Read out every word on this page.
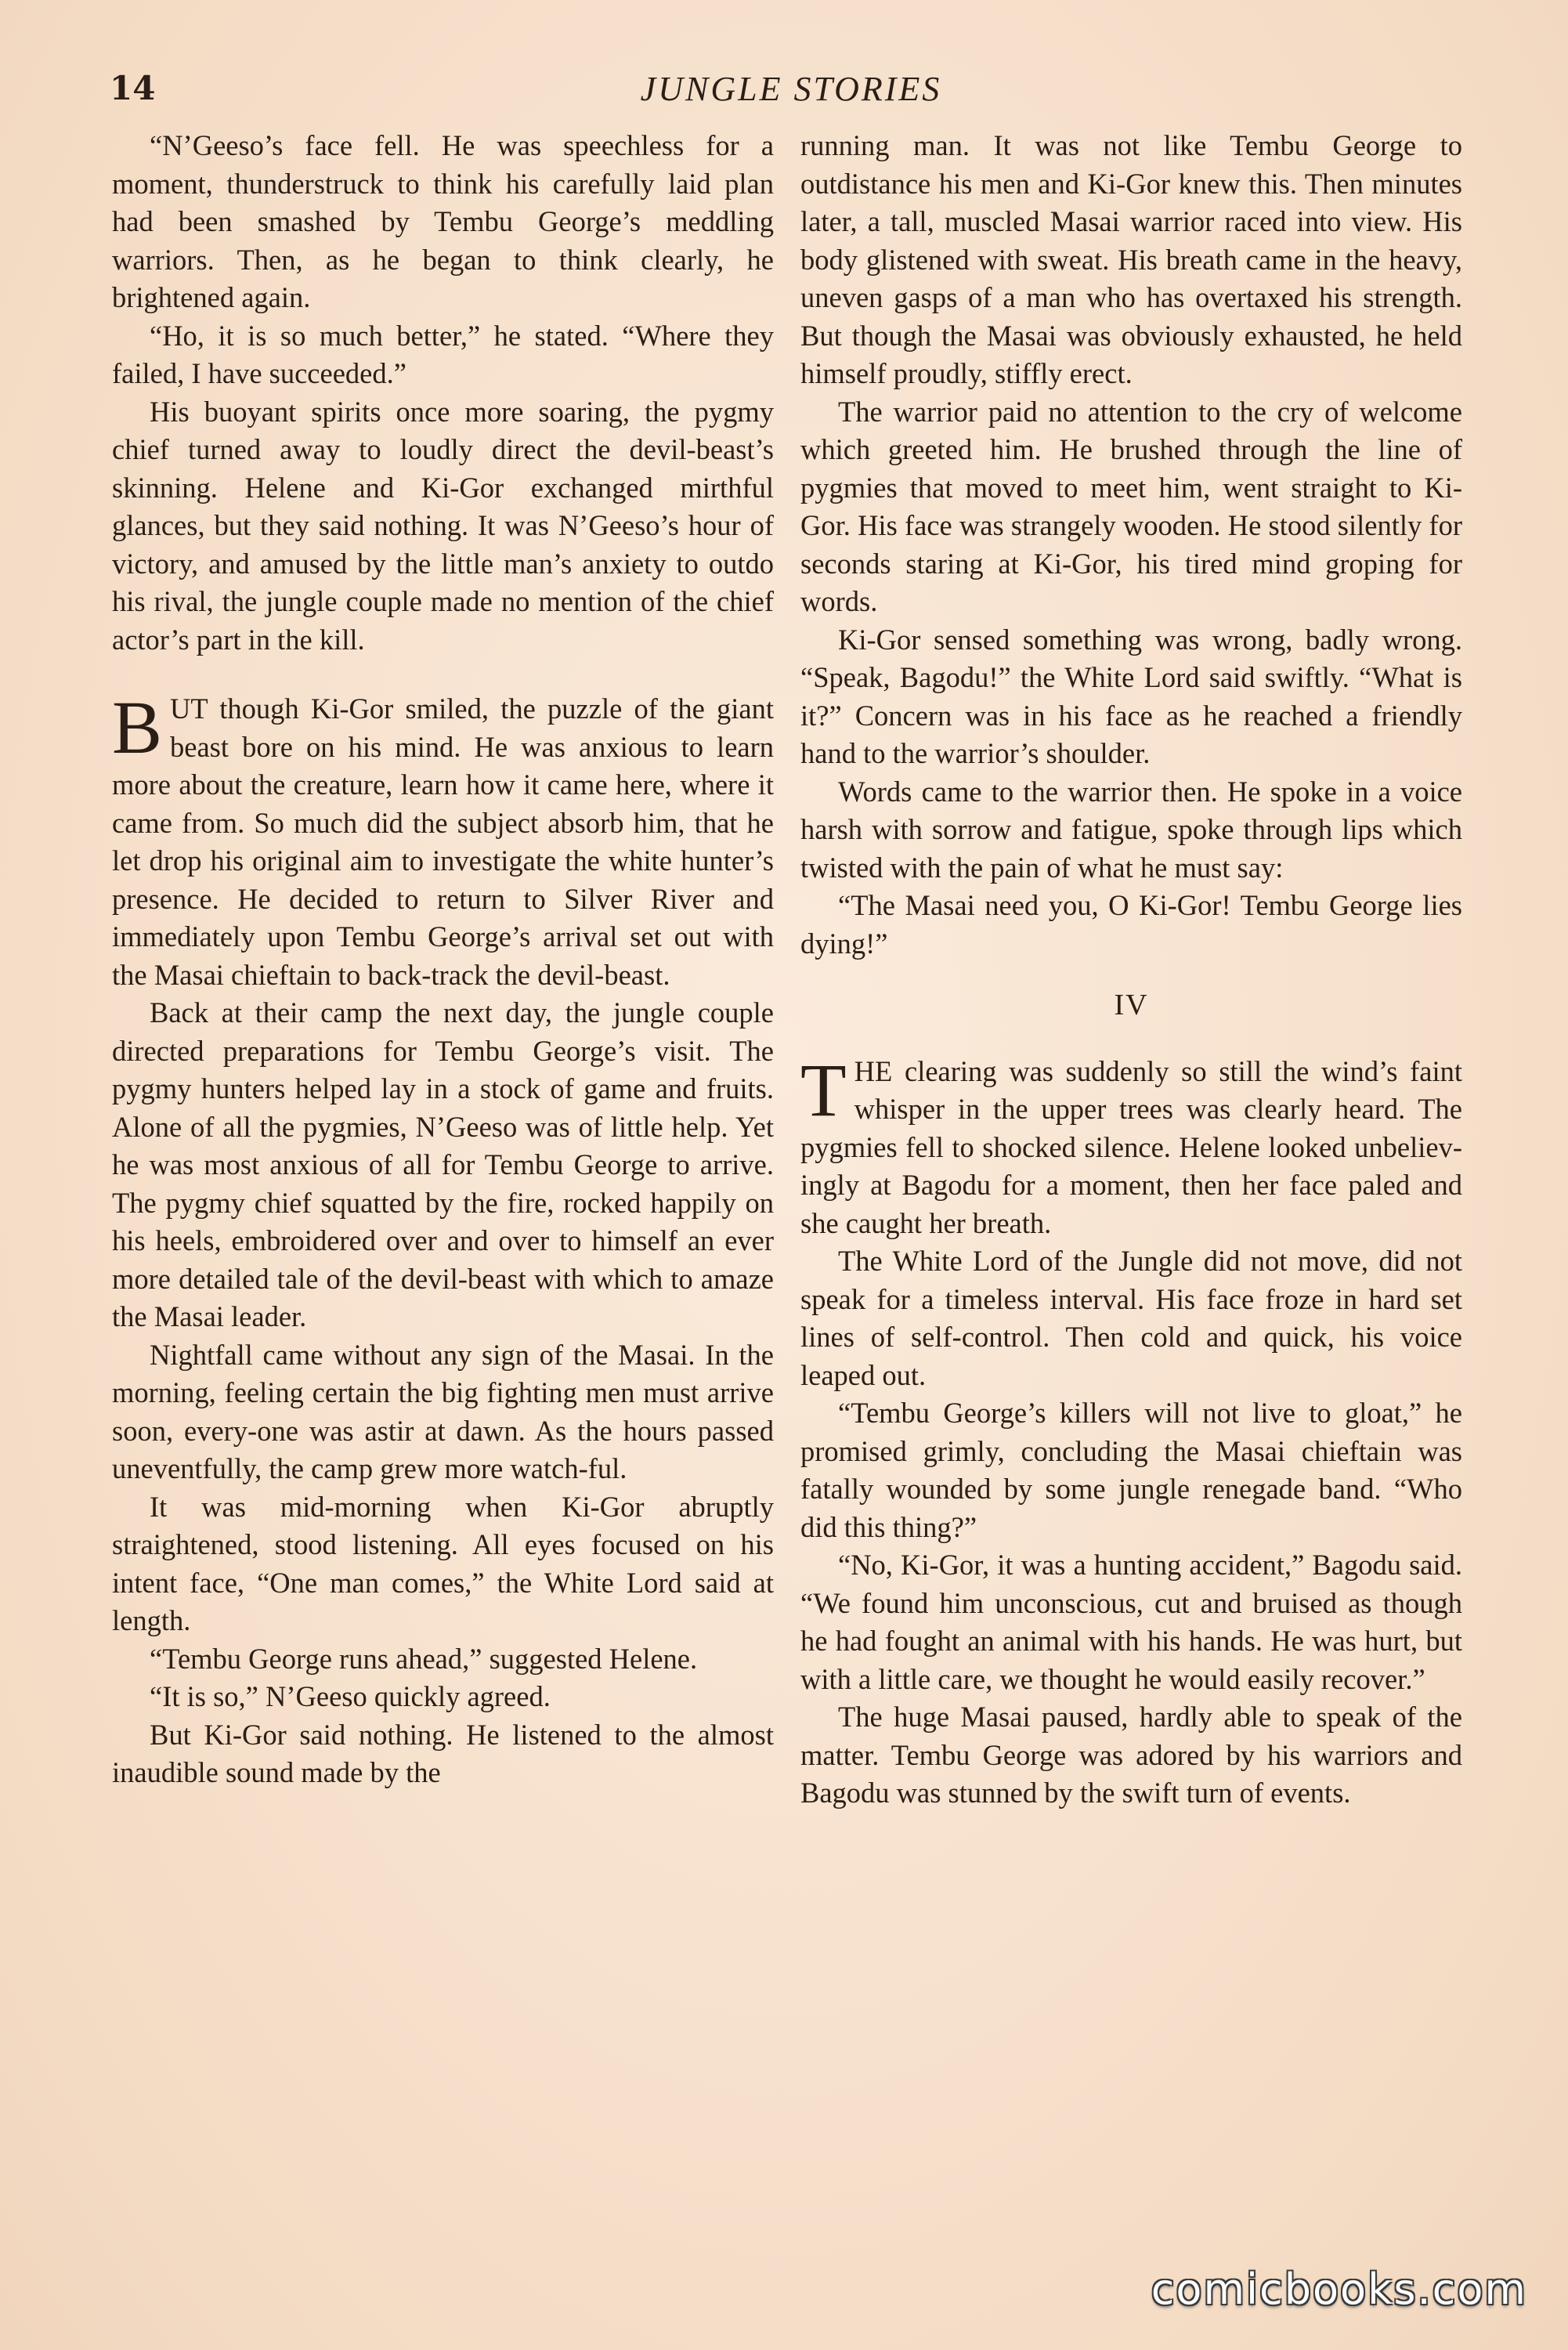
14	JUNGLE STORIES

“N’Geeso’s face fell. He was speechless for a moment, thunderstruck to think his carefully laid plan had been smashed by Tembu George’s meddling warriors. Then, as he began to think clearly, he brightened again.

“Ho, it is so much better,” he stated. “Where they failed, I have succeeded.”

His buoyant spirits once more soaring, the pygmy chief turned away to loudly direct the devil-beast’s skinning. Helene and Ki-Gor exchanged mirthful glances, but they said nothing. It was N’Geeso’s hour of victory, and amused by the little man’s anxiety to outdo his rival, the jungle couple made no mention of the chief actor’s part in the kill.

BUT though Ki-Gor smiled, the puzzle of the giant beast bore on his mind. He was anxious to learn more about the creature, learn how it came here, where it came from. So much did the subject absorb him, that he let drop his original aim to investigate the white hunter’s presence. He decided to return to Silver River and immediately upon Tembu George’s arrival set out with the Masai chieftain to back-track the devil-beast.

Back at their camp the next day, the jungle couple directed preparations for Tembu George’s visit. The pygmy hunters helped lay in a stock of game and fruits. Alone of all the pygmies, N’Geeso was of little help. Yet he was most anxious of all for Tembu George to arrive. The pygmy chief squatted by the fire, rocked happily on his heels, embroidered over and over to himself an ever more detailed tale of the devil-beast with which to amaze the Masai leader.

Nightfall came without any sign of the Masai. In the morning, feeling certain the big fighting men must arrive soon, every-one was astir at dawn. As the hours passed uneventfully, the camp grew more watch-ful.

It was mid-morning when Ki-Gor abruptly straightened, stood listening. All eyes focused on his intent face, “One man comes,” the White Lord said at length.

“Tembu George runs ahead,” suggested Helene.

“It is so,” N’Geeso quickly agreed.

But Ki-Gor said nothing. He listened to the almost inaudible sound made by the

running man. It was not like Tembu George to outdistance his men and Ki-Gor knew this. Then minutes later, a tall, muscled Masai warrior raced into view. His body glistened with sweat. His breath came in the heavy, uneven gasps of a man who has overtaxed his strength. But though the Masai was obviously exhausted, he held himself proudly, stiffly erect.

The warrior paid no attention to the cry of welcome which greeted him. He brushed through the line of pygmies that moved to meet him, went straight to Ki-Gor. His face was strangely wooden. He stood silently for seconds staring at Ki-Gor, his tired mind groping for words.

Ki-Gor sensed something was wrong, badly wrong. “Speak, Bagodu!” the White Lord said swiftly. “What is it?” Concern was in his face as he reached a friendly hand to the warrior’s shoulder.

Words came to the warrior then. He spoke in a voice harsh with sorrow and fatigue, spoke through lips which twisted with the pain of what he must say:

“The Masai need you, O Ki-Gor! Tembu George lies dying!”

IV

THE clearing was suddenly so still the wind’s faint whisper in the upper trees was clearly heard. The pygmies fell to shocked silence. Helene looked unbeliev-ingly at Bagodu for a moment, then her face paled and she caught her breath.

The White Lord of the Jungle did not move, did not speak for a timeless interval. His face froze in hard set lines of self-control. Then cold and quick, his voice leaped out.

“Tembu George’s killers will not live to gloat,” he promised grimly, concluding the Masai chieftain was fatally wounded by some jungle renegade band. “Who did this thing?”

“No, Ki-Gor, it was a hunting accident,” Bagodu said. “We found him unconscious, cut and bruised as though he had fought an animal with his hands. He was hurt, but with a little care, we thought he would easily recover.”

The huge Masai paused, hardly able to speak of the matter. Tembu George was adored by his warriors and Bagodu was stunned by the swift turn of events.

comicbooks.com
